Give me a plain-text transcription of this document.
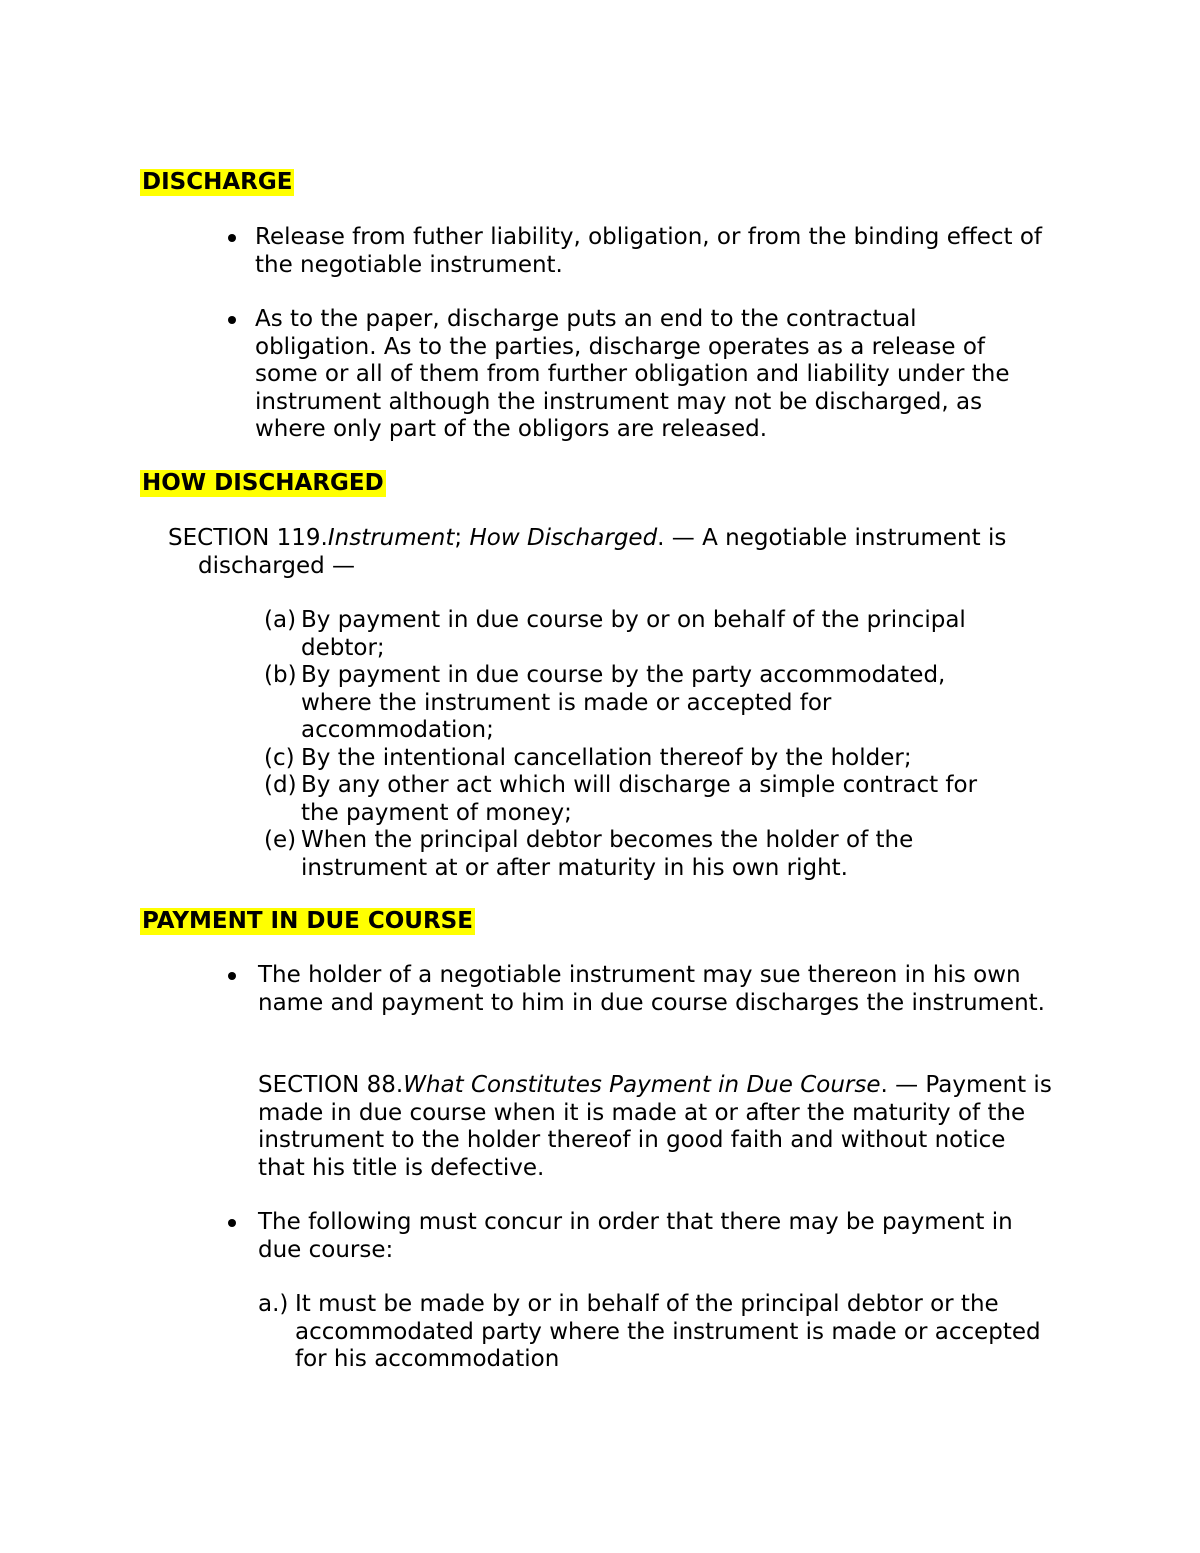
DISCHARGE

Release from futher liability, obligation, or from the binding effect of the negotiable instrument.

As to the paper, discharge puts an end to the contractual obligation. As to the parties, discharge operates as a release of some or all of them from further obligation and liability under the instrument although the instrument may not be discharged, as where only part of the obligors are released.

HOW DISCHARGED
SECTION 119.Instrument; How Discharged. — A negotiable instrument is discharged —
(a) By payment in due course by or on behalf of the principal debtor;
(b) By payment in due course by the party accommodated, where the instrument is made or accepted for accommodation;
(c) By the intentional cancellation thereof by the holder;
(d) By any other act which will discharge a simple contract for the payment of money;
(e) When the principal debtor becomes the holder of the instrument at or after maturity in his own right.
PAYMENT IN DUE COURSE

The holder of a negotiable instrument may sue thereon in his own name and payment to him in due course discharges the instrument.

SECTION 88.What Constitutes Payment in Due Course. — Payment is made in due course when it is made at or after the maturity of the instrument to the holder thereof in good faith and without notice that his title is defective.

The following must concur in order that there may be payment in due course:

a.) It must be made by or in behalf of the principal debtor or the accommodated party where the instrument is made or accepted for his accommodation
